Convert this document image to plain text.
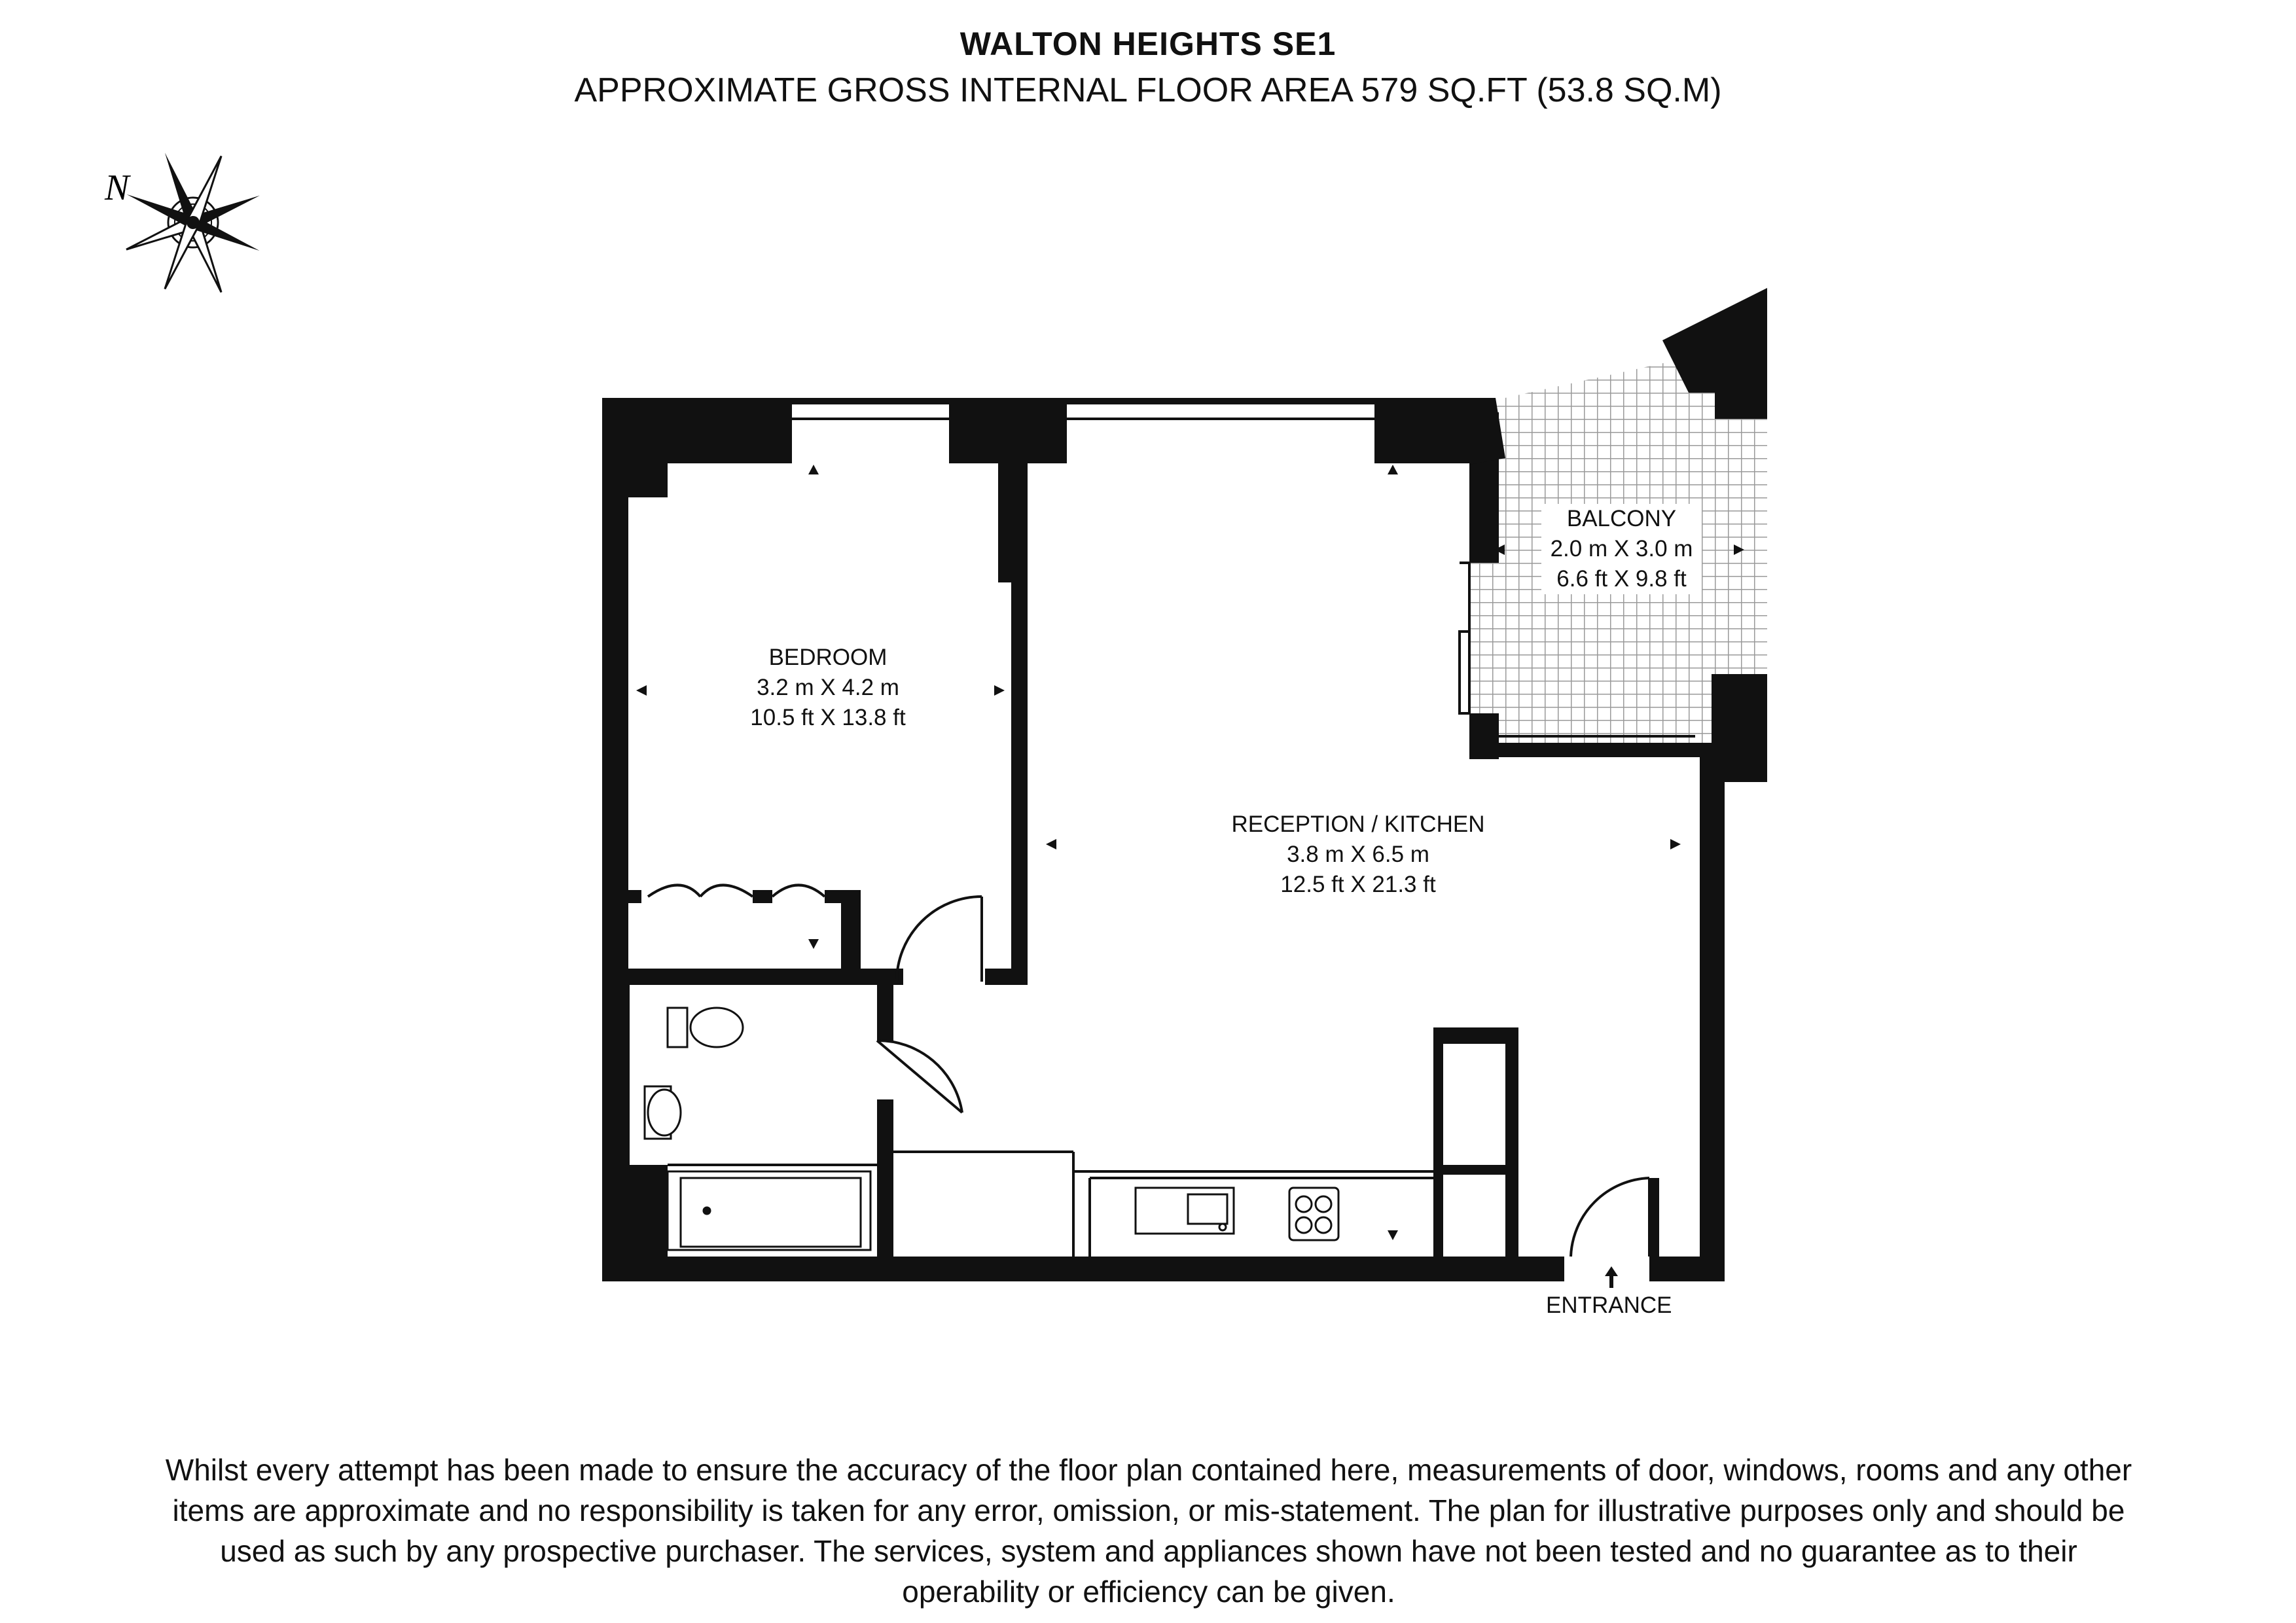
WALTON HEIGHTS SE1
APPROXIMATE GROSS INTERNAL FLOOR AREA 579 SQ.FT (53.8 SQ.M)
N
BEDROOM
3.2 m X 4.2 m
10.5 ft X 13.8 ft
RECEPTION / KITCHEN
3.8 m X 6.5 m
12.5 ft X 21.3 ft
BALCONY
2.0 m X 3.0 m
6.6 ft X 9.8 ft
ENTRANCE
Whilst every attempt has been made to ensure the accuracy of the floor plan contained here, measurements of door, windows, rooms and any other items are approximate and no responsibility is taken for any error, omission, or mis-statement. The plan for illustrative purposes only and should be used as such by any prospective purchaser. The services, system and appliances shown have not been tested and no guarantee as to their operability or efficiency can be given.
